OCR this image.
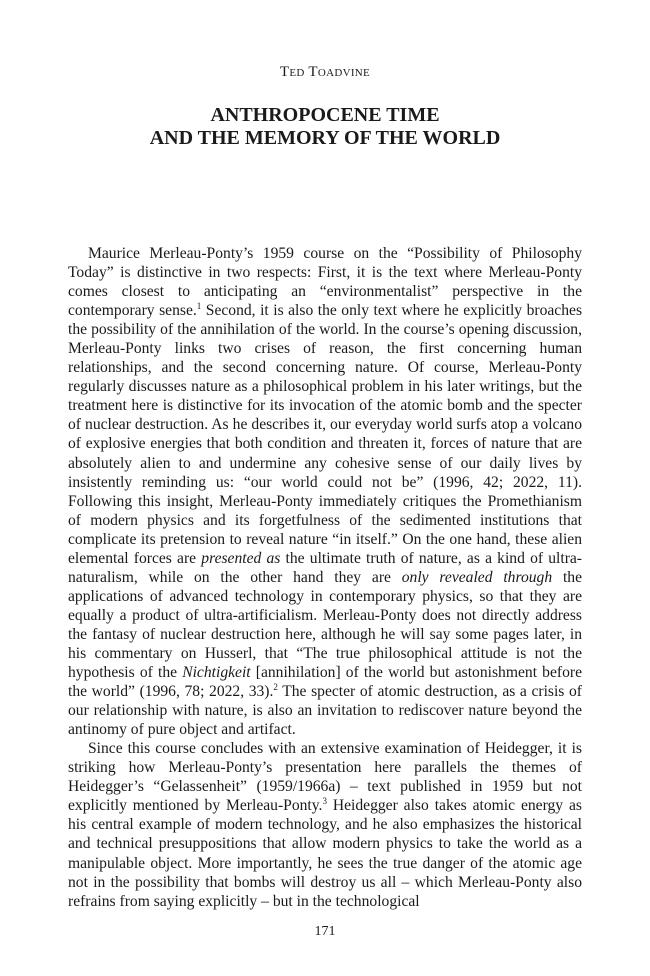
Ted Toadvine
ANTHROPOCENE TIME
AND THE MEMORY OF THE WORLD

Maurice Merleau-Ponty’s 1959 course on the “Possibility of Philosophy Today” is distinctive in two respects: First, it is the text where Merleau-Ponty comes closest to anticipating an “environmentalist” perspective in the contemporary sense.$^1$ Second, it is also the only text where he explicitly broaches the possibility of the annihilation of the world. In the course’s opening discussion, Merleau-Ponty links two crises of reason, the first concerning human relationships, and the second concerning nature. Of course, Merleau-Ponty regularly discusses nature as a philosophical problem in his later writings, but the treatment here is distinctive for its invocation of the atomic bomb and the specter of nuclear destruction. As he describes it, our everyday world surfs atop a volcano of explosive energies that both condition and threaten it, forces of nature that are absolutely alien to and undermine any cohesive sense of our daily lives by insistently reminding us: “our world could not be” (1996, 42; 2022, 11). Following this insight, Merleau-Ponty immediately critiques the Promethianism of modern physics and its forgetfulness of the sedimented institutions that complicate its pretension to reveal nature “in itself.” On the one hand, these alien elemental forces are presented as the ultimate truth of nature, as a kind of ultra-naturalism, while on the other hand they are only revealed through the applications of advanced technology in contemporary physics, so that they are equally a product of ultra-artificialism. Merleau-Ponty does not directly address the fantasy of nuclear destruction here, although he will say some pages later, in his commentary on Husserl, that “The true philosophical attitude is not the hypothesis of the Nichtigkeit [annihilation] of the world but astonishment before the world” (1996, 78; 2022, 33).$^2$ The specter of atomic destruction, as a crisis of our relationship with nature, is also an invitation to rediscover nature beyond the antinomy of pure object and artifact.

Since this course concludes with an extensive examination of Heidegger, it is striking how Merleau-Ponty’s presentation here parallels the themes of Heidegger’s “Gelassenheit” (1959/1966a) – text published in 1959 but not explicitly mentioned by Merleau-Ponty.$^3$ Heidegger also takes atomic energy as his central example of modern technology, and he also emphasizes the historical and technical presuppositions that allow modern physics to take the world as a manipulable object. More importantly, he sees the true danger of the atomic age not in the possibility that bombs will destroy us all – which Merleau-Ponty also refrains from saying explicitly – but in the technological

171
